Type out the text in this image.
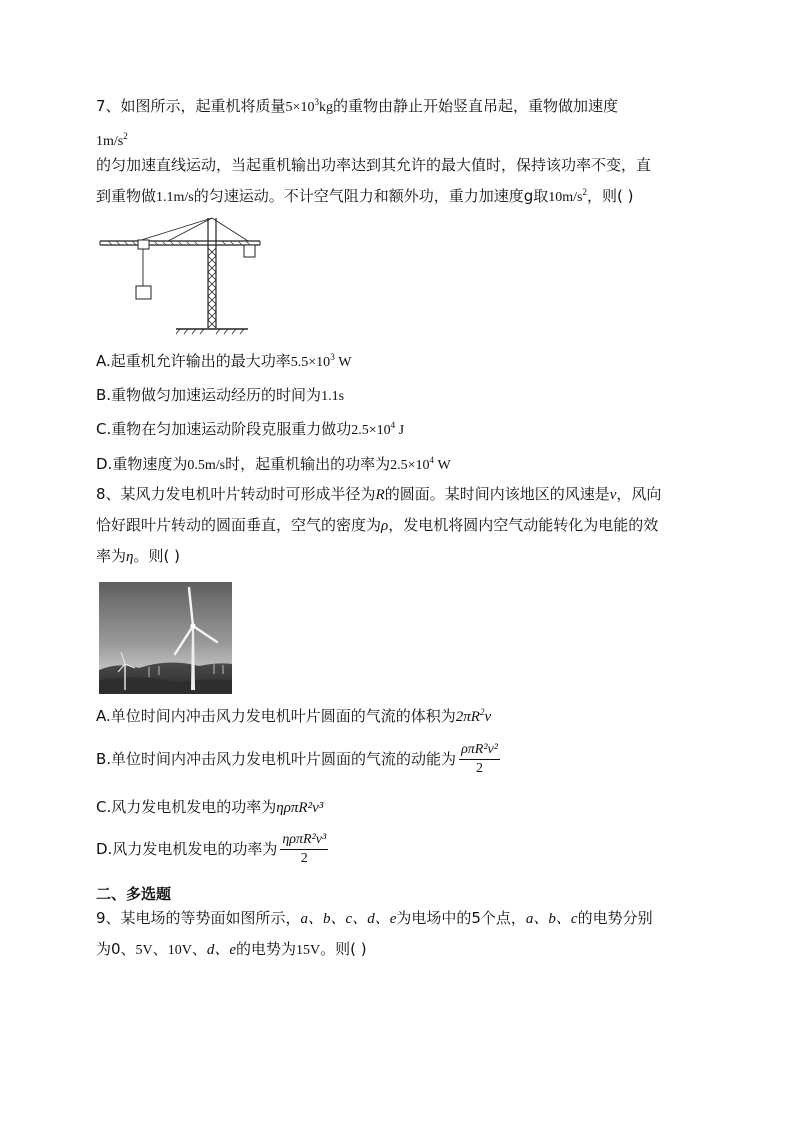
7、如图所示，起重机将质量$5\times 10^3kg$的重物由静止开始竖直吊起，重物做加速度
$1m/s^2$
的匀加速直线运动，当起重机输出功率达到其允许的最大值时，保持该功率不变，直
到重物做1.1m/s的匀速运动。不计空气阻力和额外功，重力加速度g取$10m/s^2$，则( )
A.起重机允许输出的最大功率$5.5\times 10^3$ W
B.重物做匀加速运动经历的时间为1.1s
C.重物在匀加速运动阶段克服重力做功$2.5\times 10^4$ J
D.重物速度为0.5m/s时，起重机输出的功率为$2.5\times 10^4$ W
8、某风力发电机叶片转动时可形成半径为R的圆面。某时间内该地区的风速是v，风向
恰好跟叶片转动的圆面垂直，空气的密度为ρ，发电机将圆内空气动能转化为电能的效
率为η。则( )
A.单位时间内冲击风力发电机叶片圆面的气流的体积为$2\pi R^2v$
B.单位时间内冲击风力发电机叶片圆面的气流的动能为 $\frac{\text{ρπR²v²}}{2}$
C.风力发电机发电的功率为ηρπR²v³
D.风力发电机发电的功率为 $\frac{\text{ηρπR²v³}}{2}$
二、多选题
9、某电场的等势面如图所示，a、b、c、d、e为电场中的5个点，a、b、c的电势分别
为0、5V、10V、d、e的电势为15V。则( )
